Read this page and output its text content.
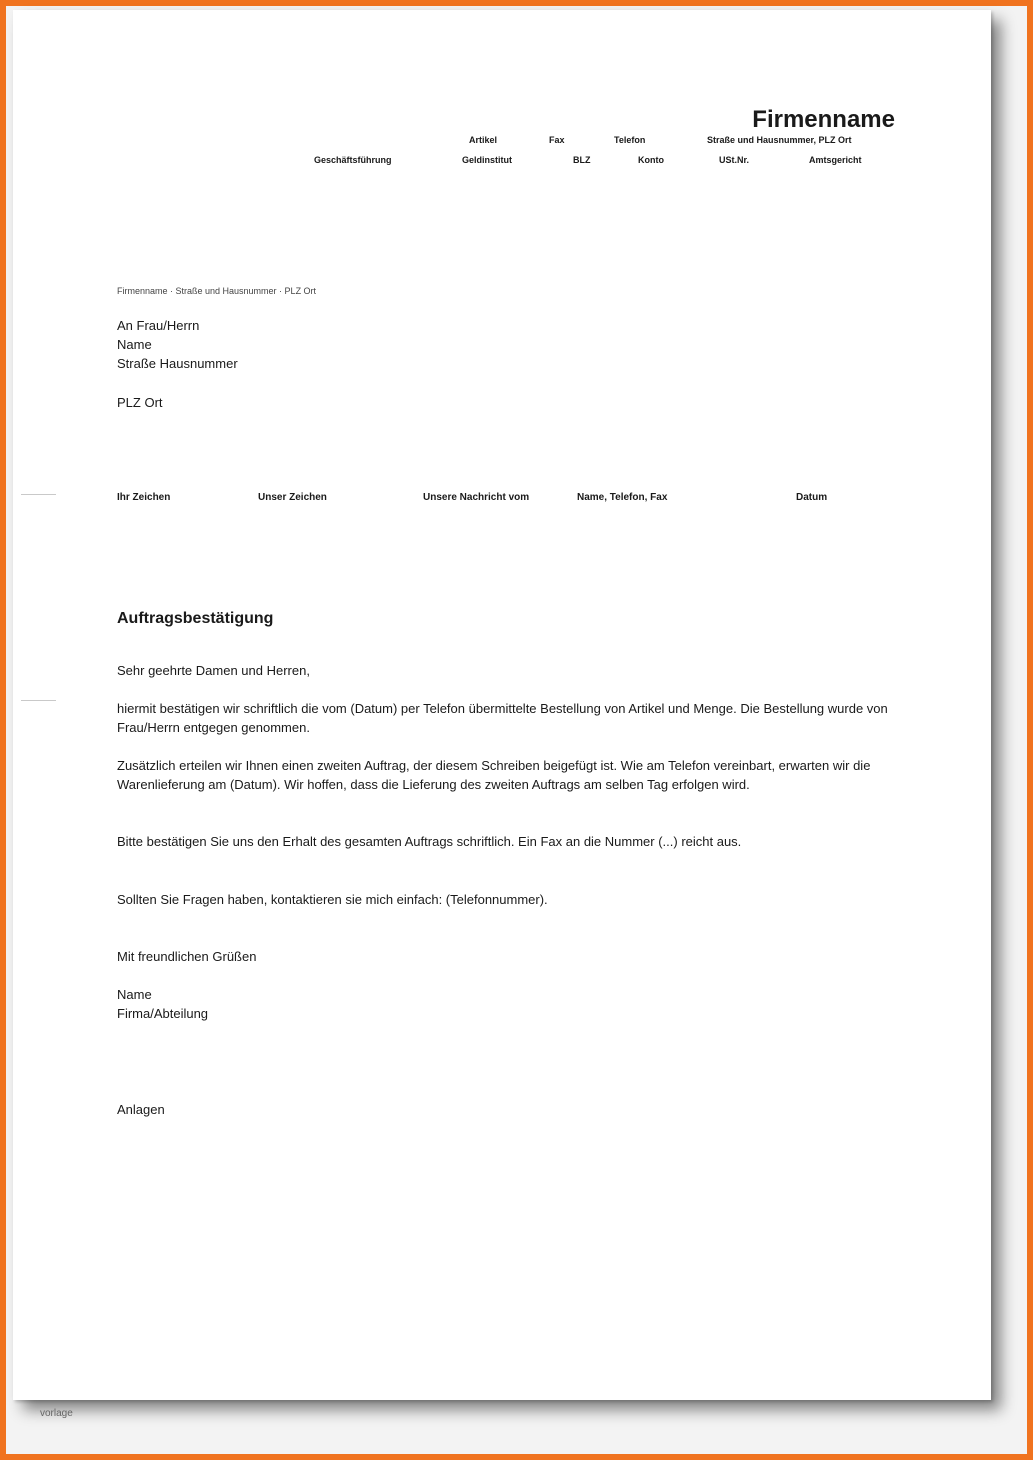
Firmenname
Artikel	Fax	Telefon	Straße und Hausnummer, PLZ Ort
Geschäftsführung	Geldinstitut	BLZ	Konto	USt.Nr.	Amtsgericht
Firmenname · Straße und Hausnummer · PLZ Ort
An Frau/Herrn
Name
Straße Hausnummer
PLZ Ort
Ihr Zeichen	Unser Zeichen	Unsere Nachricht vom	Name, Telefon, Fax	Datum
Auftragsbestätigung
Sehr geehrte Damen und Herren,
hiermit bestätigen wir schriftlich die vom (Datum) per Telefon übermittelte Bestellung von Artikel und Menge. Die Bestellung wurde von Frau/Herrn entgegen genommen.
Zusätzlich erteilen wir Ihnen einen zweiten Auftrag, der diesem Schreiben beigefügt ist. Wie am Telefon vereinbart, erwarten wir die Warenlieferung am (Datum). Wir hoffen, dass die Lieferung des zweiten Auftrags am selben Tag erfolgen wird.
Bitte bestätigen Sie uns den Erhalt des gesamten Auftrags schriftlich. Ein Fax an die Nummer (...) reicht aus.
Sollten Sie Fragen haben, kontaktieren sie mich einfach: (Telefonnummer).
Mit freundlichen Grüßen
Name
Firma/Abteilung
Anlagen
vorlage
